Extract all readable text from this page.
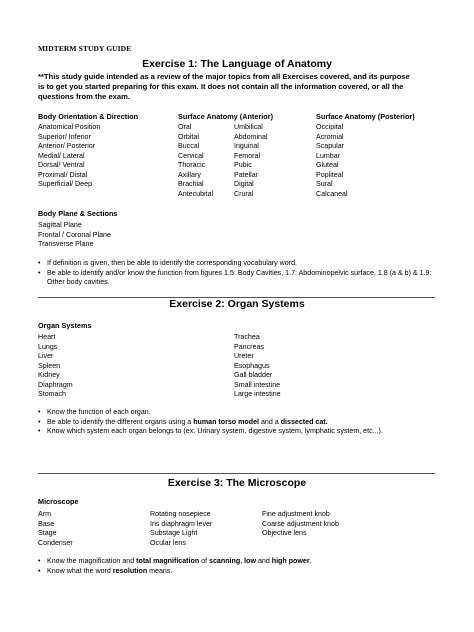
MIDTERM STUDY GUIDE
Exercise 1: The Language of Anatomy
**This study guide intended as a review of the major topics from all Exercises covered, and its purpose is to get you started preparing for this exam. It does not contain all the information covered, or all the questions from the exam.
Body Orientation & Direction
Anatomical Position
Superior/ Inferior
Anterior/ Posterior
Medial/ Lateral
Dorsal/ Ventral
Proximal/ Distal
Superficial/ Deep
Surface Anatomy (Anterior)
Oral
Orbital
Buccal
Cervical
Thoracic
Axillary
Brachial
Antecubital
Umbilical
Abdominal
Inguinal
Femoral
Pubic
Patellar
Digital
Crural
Surface Anatomy (Posterior)
Occipital
Acromial
Scapular
Lumbar
Gluteal
Popliteal
Sural
Calcaneal
Body Plane & Sections
Sagittal Plane
Frontal / Coronal Plane
Transverse Plane
• If definition is given, then be able to identify the corresponding vocabulary word.
• Be able to identify and/or know the function from figures 1.5: Body Cavities, 1.7: Abdominopelvic surface, 1.8 (a & b) & 1.9: Other body cavities.
Exercise 2: Organ Systems
Organ Systems
Heart
Lungs
Liver
Spleen
Kidney
Diaphragm
Stomach
Trachea
Pancreas
Ureter
Esophagus
Gall bladder
Small intestine
Large intestine
• Know the function of each organ.
• Be able to identify the different organs using a human torso model and a dissected cat.
• Know which system each organ belongs to (ex. Urinary system, digestive system, lymphatic system, etc...).
Exercise 3: The Microscope
Microscope
Arm
Base
Stage
Condenser
Rotating nosepiece
Iris diaphragm lever
Substage Light
Ocular lens
Fine adjustment knob
Coarse adjustment knob
Objective lens
• Know the magnification and total magnification of scanning, low and high power.
• Know what the word resolution means.
